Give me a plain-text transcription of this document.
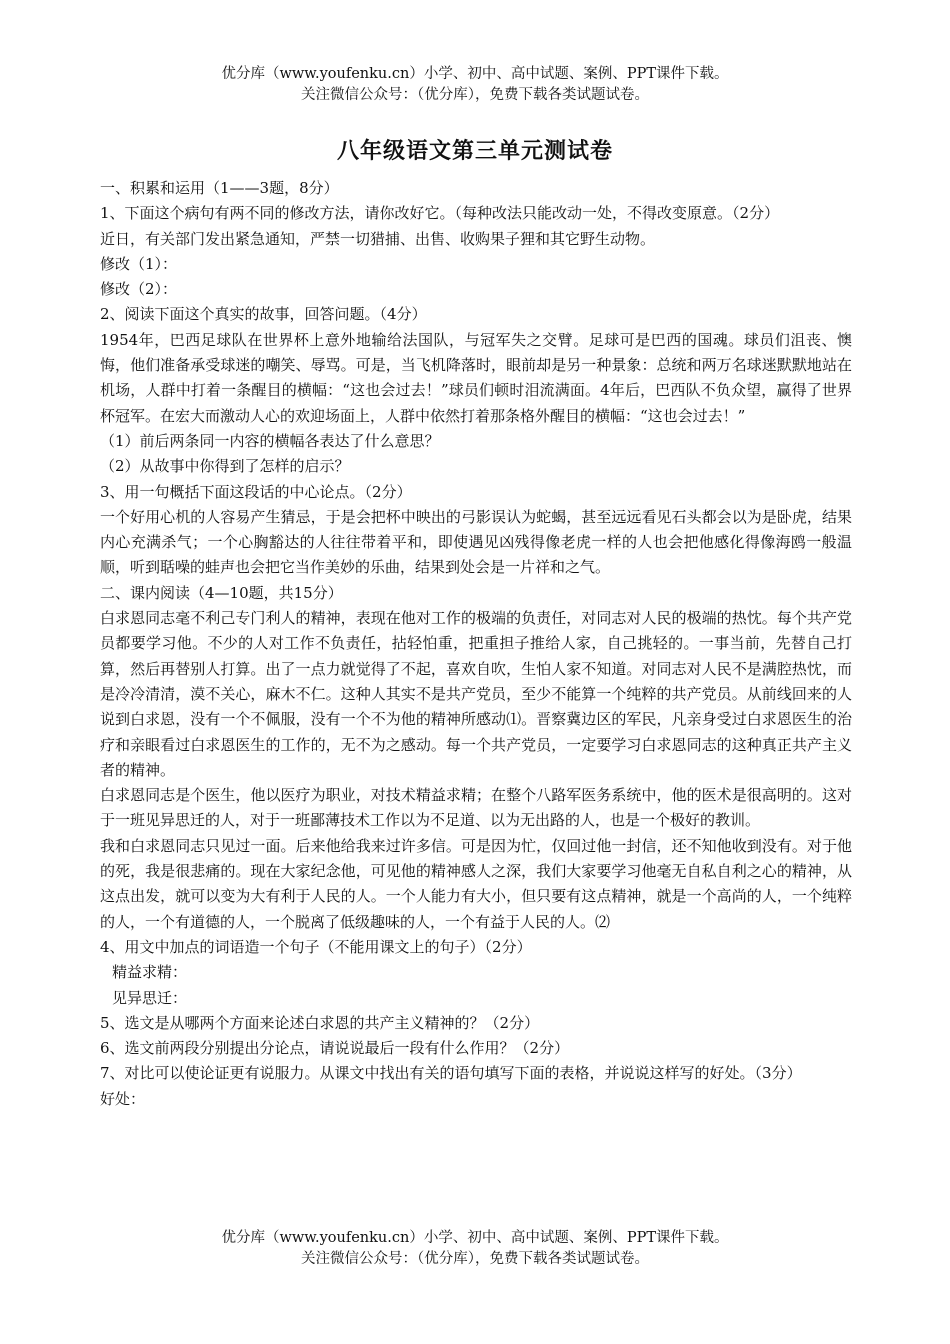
优分库（www.youfenku.cn）小学、初中、高中试题、案例、PPT课件下载。
关注微信公众号：（优分库），免费下载各类试题试卷。
八年级语文第三单元测试卷

一、积累和运用（1——3题，8分）

1、下面这个病句有两不同的修改方法，请你改好它。（每种改法只能改动一处，不得改变原意。（2分）

近日，有关部门发出紧急通知，严禁一切猎捕、出售、收购果子狸和其它野生动物。

修改（1）：

修改（2）：

2、阅读下面这个真实的故事，回答问题。（4分）

1954年，巴西足球队在世界杯上意外地输给法国队，与冠军失之交臂。足球可是巴西的国魂。球员们沮丧、懊悔，他们准备承受球迷的嘲笑、辱骂。可是，当飞机降落时，眼前却是另一种景象：总统和两万名球迷默默地站在机场，人群中打着一条醒目的横幅：“这也会过去！”球员们顿时泪流满面。4年后，巴西队不负众望，赢得了世界杯冠军。在宏大而激动人心的欢迎场面上，人群中依然打着那条格外醒目的横幅：“这也会过去！”

（1）前后两条同一内容的横幅各表达了什么意思？

（2）从故事中你得到了怎样的启示？

3、用一句概括下面这段话的中心论点。（2分）

一个好用心机的人容易产生猜忌，于是会把杯中映出的弓影误认为蛇蝎，甚至远远看见石头都会以为是卧虎，结果内心充满杀气；一个心胸豁达的人往往带着平和，即使遇见凶残得像老虎一样的人也会把他感化得像海鸥一般温顺，听到聒噪的蛙声也会把它当作美妙的乐曲，结果到处会是一片祥和之气。

二、课内阅读（4—10题，共15分）

白求恩同志毫不利己专门利人的精神，表现在他对工作的极端的负责任，对同志对人民的极端的热忱。每个共产党员都要学习他。不少的人对工作不负责任，拈轻怕重，把重担子推给人家，自己挑轻的。一事当前，先替自己打算，然后再替别人打算。出了一点力就觉得了不起，喜欢自吹，生怕人家不知道。对同志对人民不是满腔热忱，而是冷冷清清，漠不关心，麻木不仁。这种人其实不是共产党员，至少不能算一个纯粹的共产党员。从前线回来的人说到白求恩，没有一个不佩服，没有一个不为他的精神所感动⑴。晋察冀边区的军民，凡亲身受过白求恩医生的治疗和亲眼看过白求恩医生的工作的，无不为之感动。每一个共产党员，一定要学习白求恩同志的这种真正共产主义者的精神。

白求恩同志是个医生，他以医疗为职业，对技术精益求精；在整个八路军医务系统中，他的医术是很高明的。这对于一班见异思迁的人，对于一班鄙薄技术工作以为不足道、以为无出路的人，也是一个极好的教训。

我和白求恩同志只见过一面。后来他给我来过许多信。可是因为忙，仅回过他一封信，还不知他收到没有。对于他的死，我是很悲痛的。现在大家纪念他，可见他的精神感人之深，我们大家要学习他毫无自私自利之心的精神，从这点出发，就可以变为大有利于人民的人。一个人能力有大小，但只要有这点精神，就是一个高尚的人，一个纯粹的人，一个有道德的人，一个脱离了低级趣味的人，一个有益于人民的人。⑵

4、用文中加点的词语造一个句子（不能用课文上的句子）（2分）

精益求精：

见异思迁：

5、选文是从哪两个方面来论述白求恩的共产主义精神的？（2分）

6、选文前两段分别提出分论点，请说说最后一段有什么作用？（2分）

7、对比可以使论证更有说服力。从课文中找出有关的语句填写下面的表格，并说说这样写的好处。（3分）

好处：

优分库（www.youfenku.cn）小学、初中、高中试题、案例、PPT课件下载。
关注微信公众号：（优分库），免费下载各类试题试卷。
